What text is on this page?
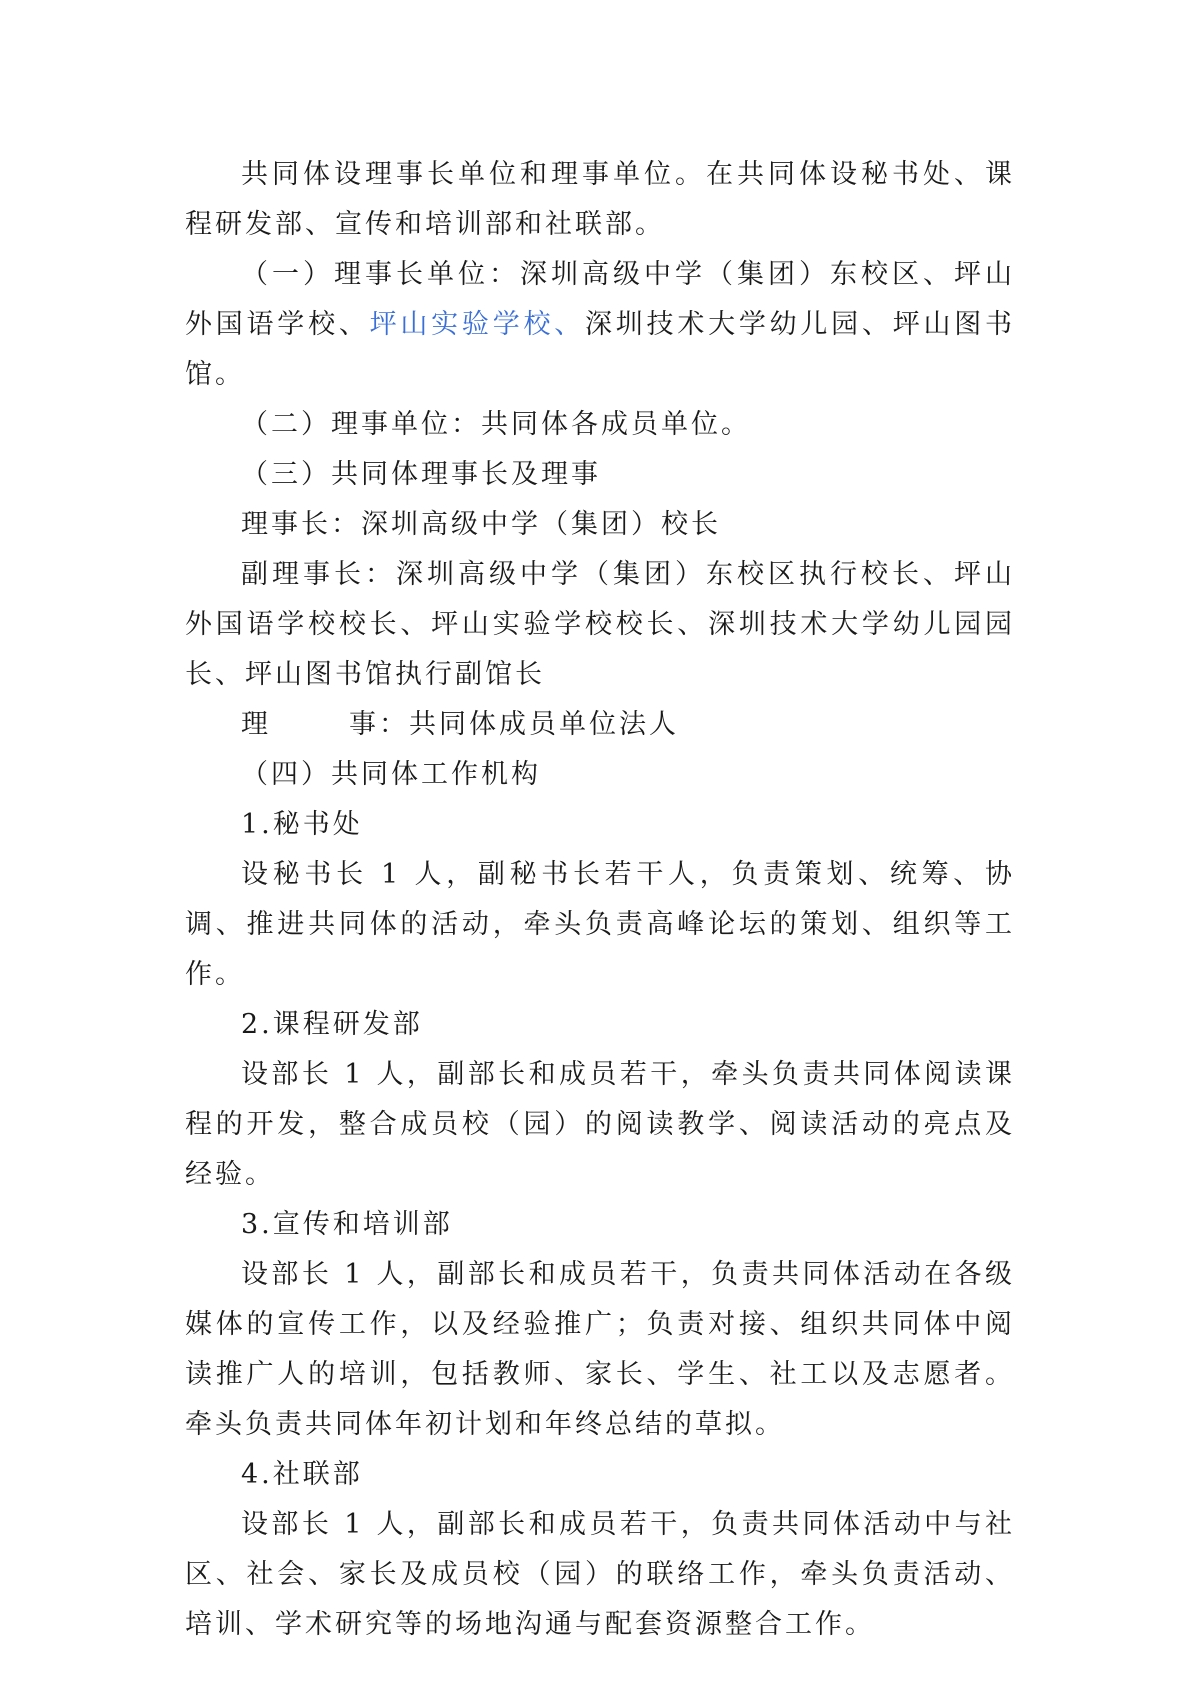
共同体设理事长单位和理事单位。在共同体设秘书处、课程研发部、宣传和培训部和社联部。

（一）理事长单位：深圳高级中学（集团）东校区、坪山外国语学校、坪山实验学校、深圳技术大学幼儿园、坪山图书馆。

（二）理事单位：共同体各成员单位。

（三）共同体理事长及理事

理事长：深圳高级中学（集团）校长

副理事长：深圳高级中学（集团）东校区执行校长、坪山外国语学校校长、坪山实验学校校长、深圳技术大学幼儿园园长、坪山图书馆执行副馆长

理	事：共同体成员单位法人

（四）共同体工作机构

1.秘书处

设秘书长 1 人，副秘书长若干人，负责策划、统筹、协调、推进共同体的活动，牵头负责高峰论坛的策划、组织等工作。

2.课程研发部

设部长 1 人，副部长和成员若干，牵头负责共同体阅读课程的开发，整合成员校（园）的阅读教学、阅读活动的亮点及经验。

3.宣传和培训部

设部长 1 人，副部长和成员若干，负责共同体活动在各级媒体的宣传工作，以及经验推广；负责对接、组织共同体中阅读推广人的培训，包括教师、家长、学生、社工以及志愿者。牵头负责共同体年初计划和年终总结的草拟。

4.社联部

设部长 1 人，副部长和成员若干，负责共同体活动中与社区、社会、家长及成员校（园）的联络工作，牵头负责活动、培训、学术研究等的场地沟通与配套资源整合工作。
